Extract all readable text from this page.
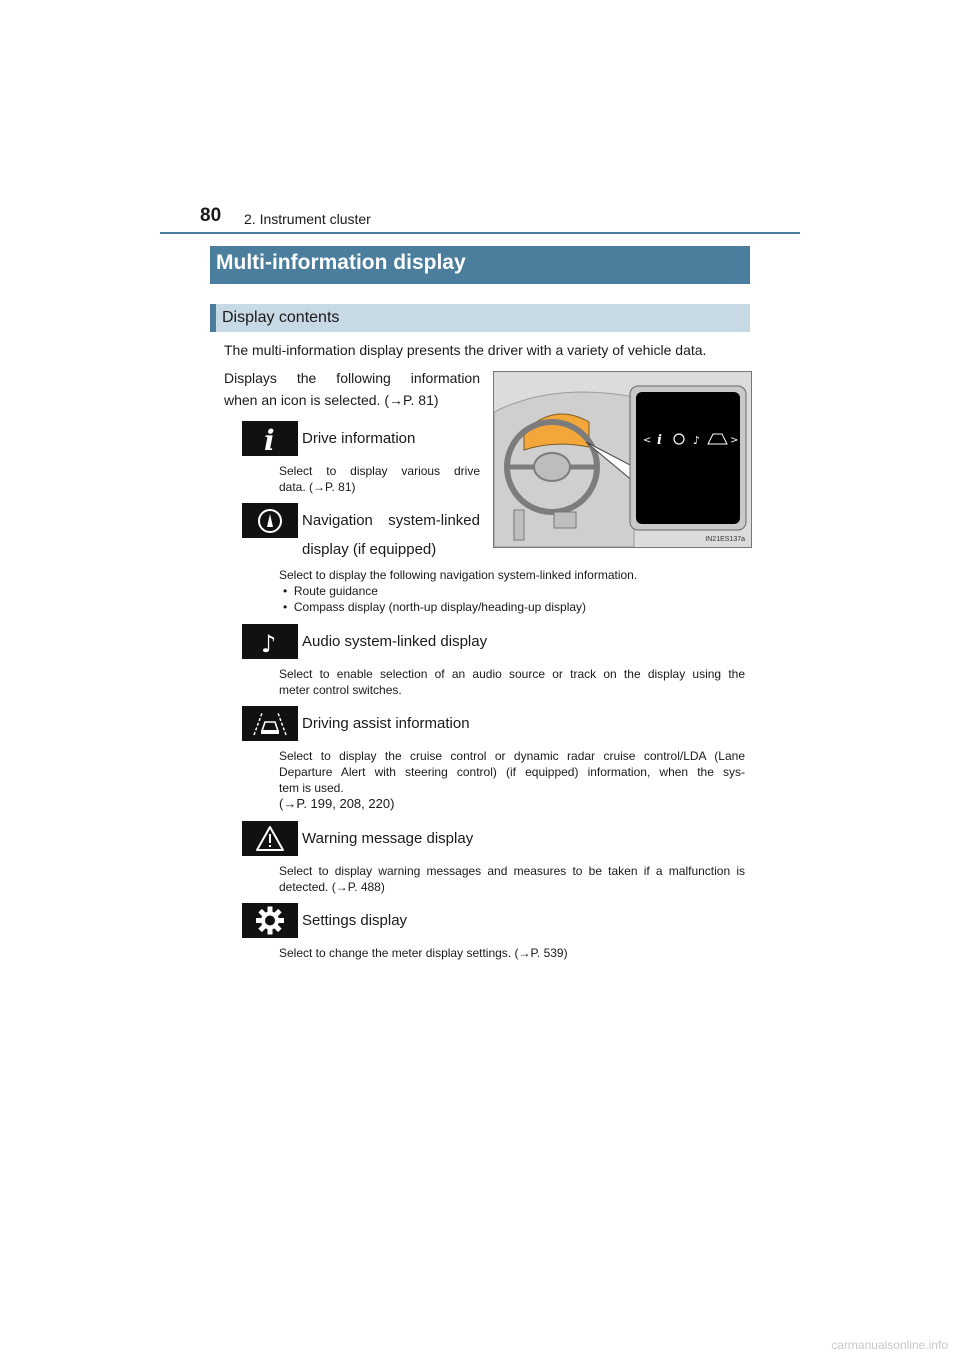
80 2. Instrument cluster
Multi-information display
Display contents
The multi-information display presents the driver with a variety of vehicle data.
Displays the following information
when an icon is selected. (→P. 81)
< i	♪	>
IN21ES137a
i Drive information
Select to display various drive
data. (→P. 81)
Navigation system-linked
display (if equipped)
Select to display the following navigation system-linked information.
•  Route guidance
•  Compass display (north-up display/heading-up display)
♪ Audio system-linked display
Select to enable selection of an audio source or track on the display using the
meter control switches.
Driving assist information
Select to display the cruise control or dynamic radar cruise control/LDA (Lane
Departure Alert with steering control) (if equipped) information, when the sys-
tem is used.
(→P. 199, 208, 220)
Warning message display
Select to display warning messages and measures to be taken if a malfunction is
detected. (→P. 488)
Settings display
Select to change the meter display settings. (→P. 539)
carmanualsonline.info
